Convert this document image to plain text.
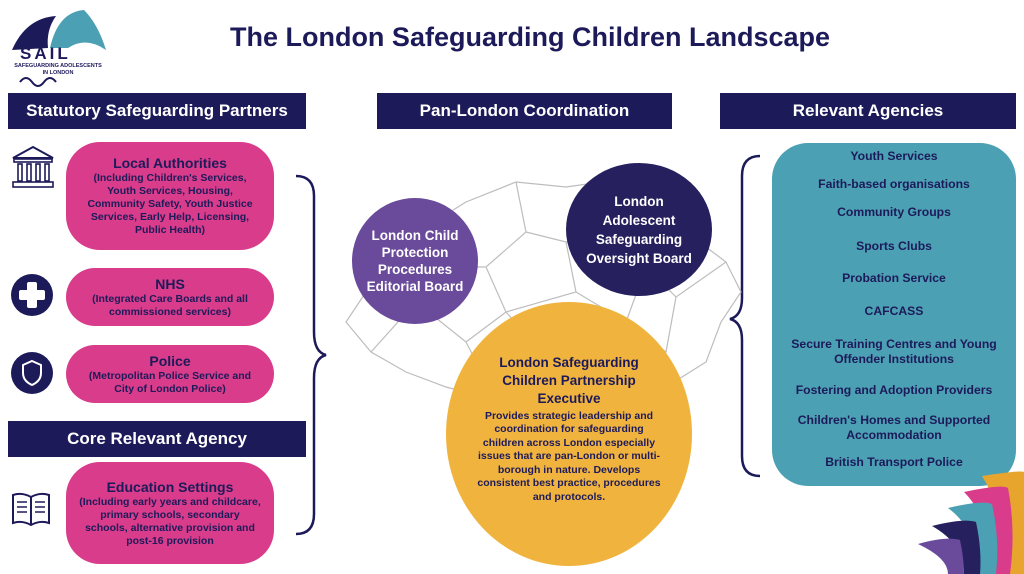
SAIL
SAFEGUARDING ADOLESCENTS
IN LONDON
The London Safeguarding Children Landscape
Statutory Safeguarding Partners	Pan-London Coordination	Relevant Agencies
Core Relevant Agency
Local Authorities
(Including Children's Services, Youth Services, Housing, Community Safety, Youth Justice Services, Early Help, Licensing, Public Health)
NHS
(Integrated Care Boards and all commissioned services)
Police
(Metropolitan Police Service and City of London Police)
Education Settings
(Including early years and childcare, primary schools, secondary schools, alternative provision and post-16 provision
London Child Protection Procedures Editorial Board
London Adolescent Safeguarding Oversight Board
London Safeguarding Children Partnership Executive
Provides strategic leadership and coordination for safeguarding children across London especially issues that are pan-London or multi-borough in nature. Develops consistent best practice, procedures and protocols.
Youth Services
Faith-based organisations
Community Groups
Sports Clubs
Probation Service
CAFCASS
Secure Training Centres and Young Offender Institutions
Fostering and Adoption Providers
Children's Homes and Supported Accommodation
British Transport Police
